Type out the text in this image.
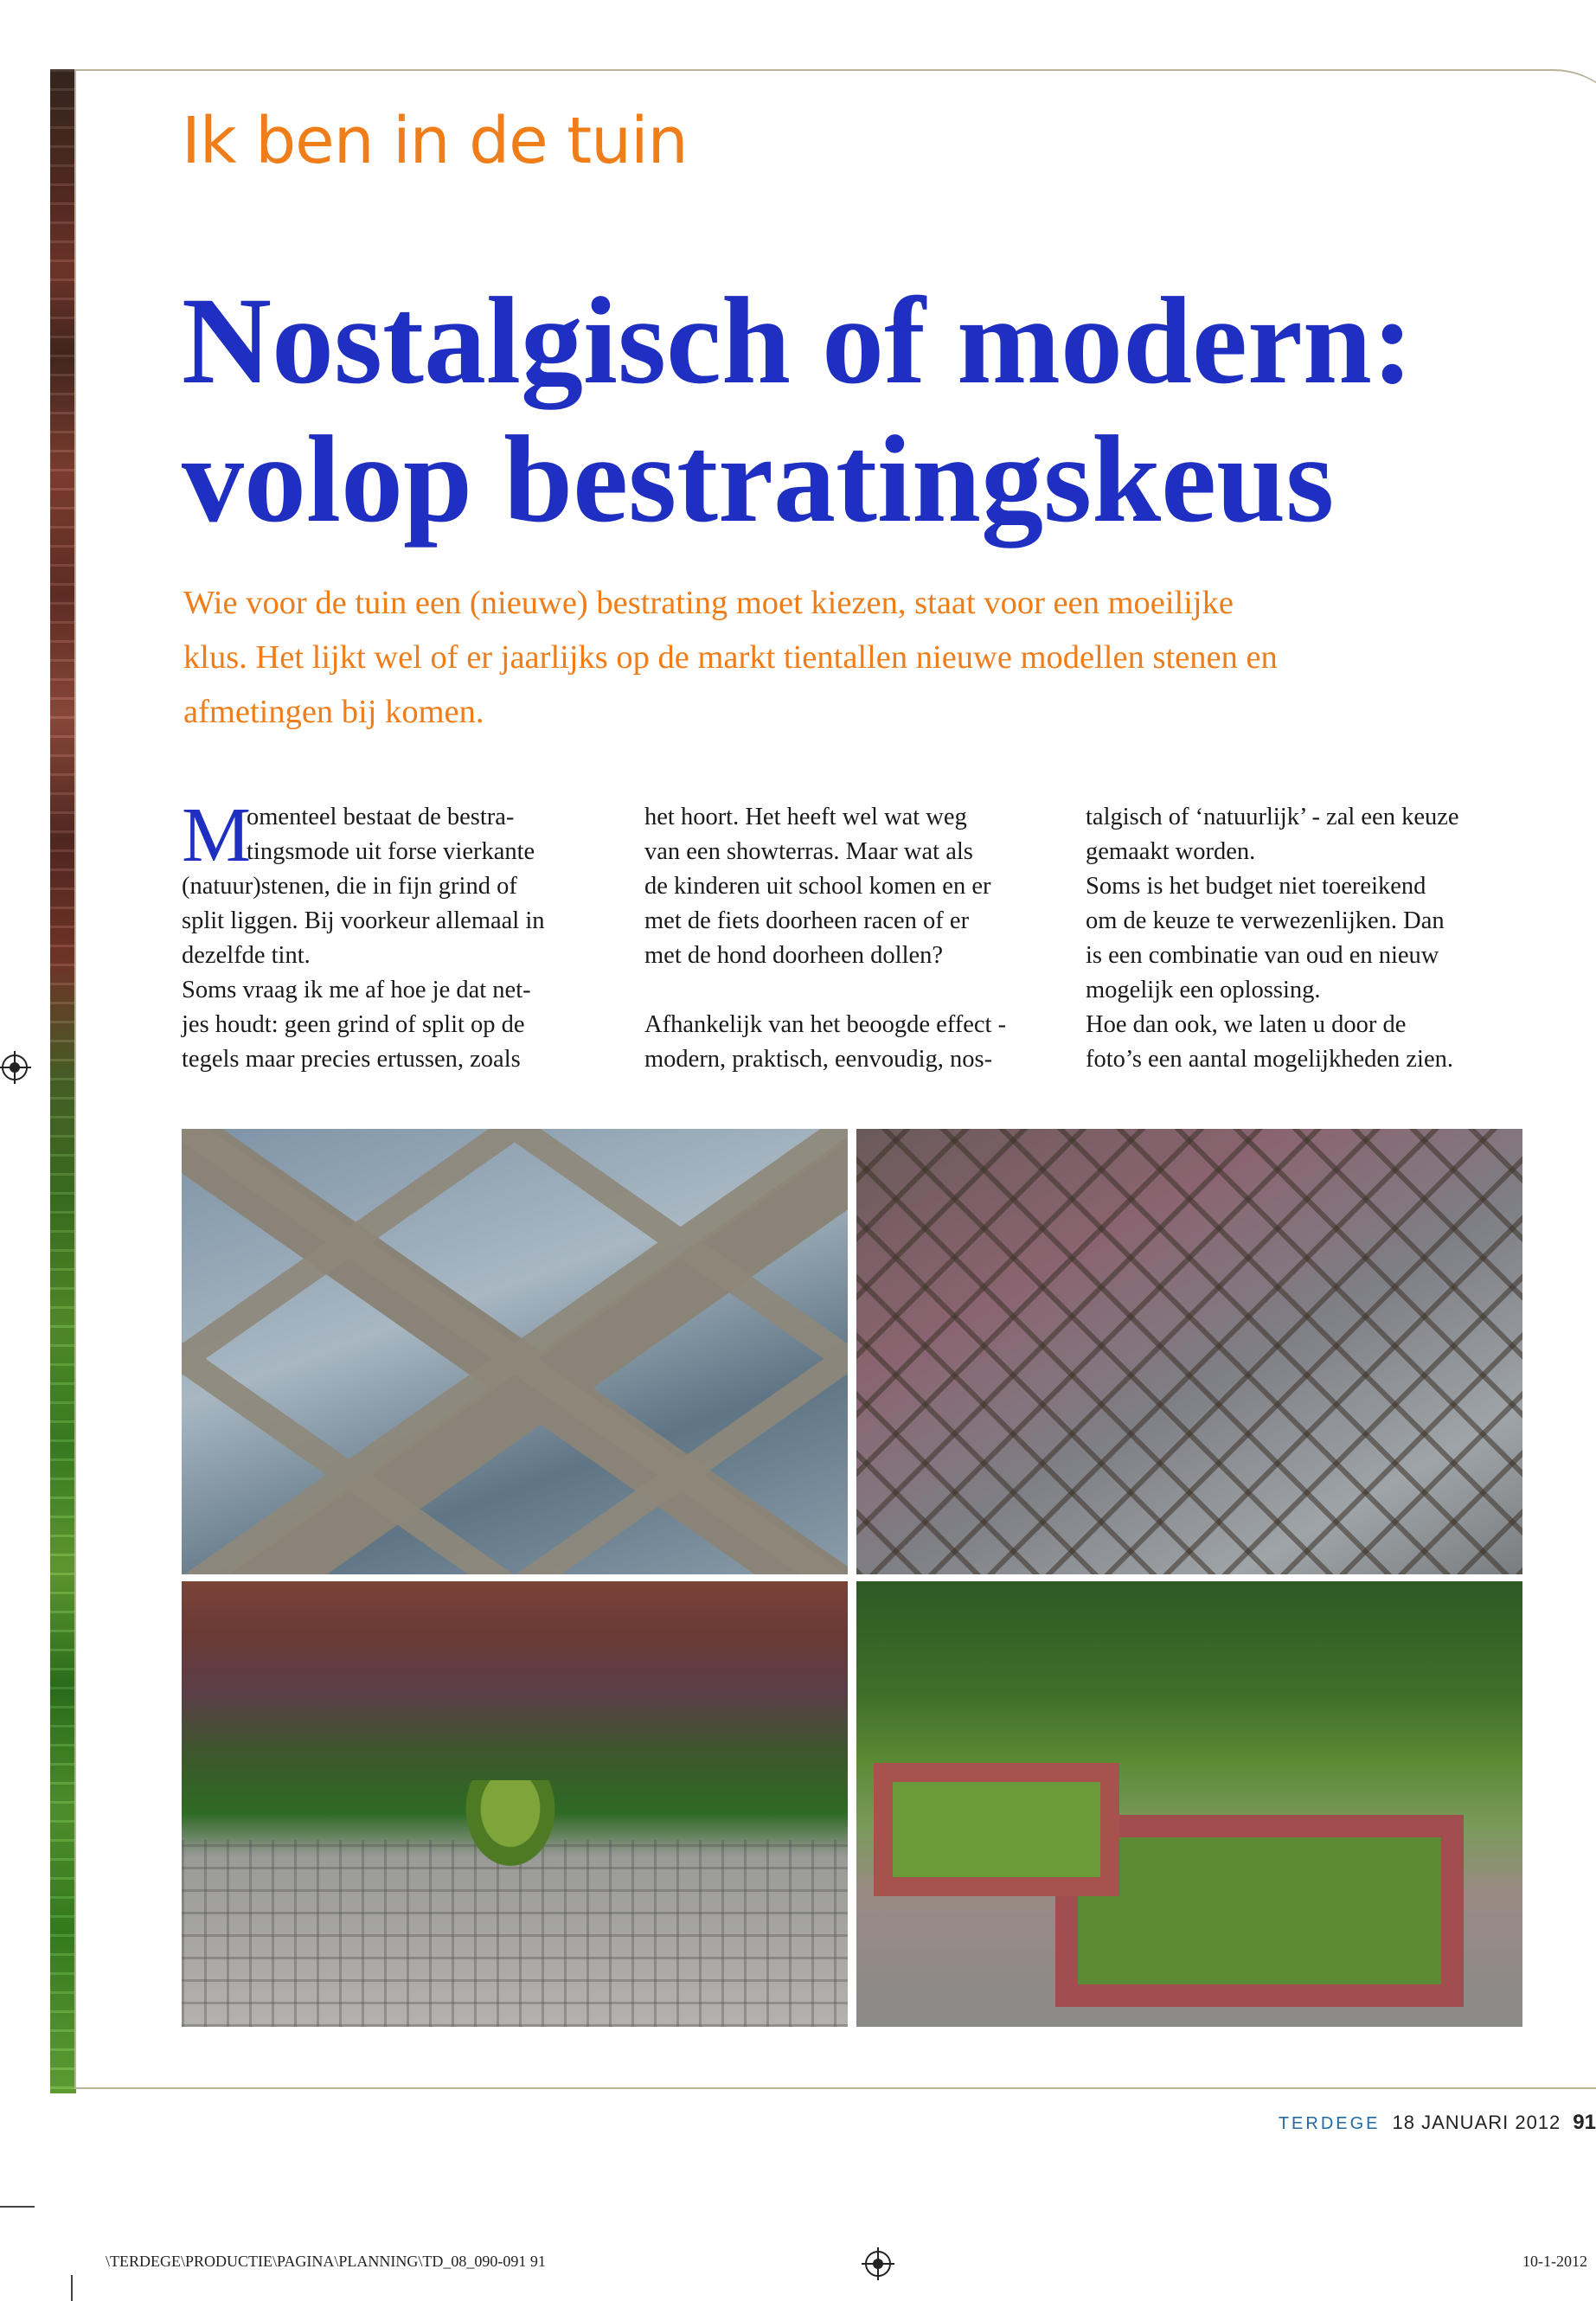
Ik ben in de tuin
Nostalgisch of modern:
volop bestratingskeus

Wie voor de tuin een (nieuwe) bestrating moet kiezen, staat voor een moeilijke
klus. Het lijkt wel of er jaarlijks op de markt tientallen nieuwe modellen stenen en
afmetingen bij komen.

M
omenteel bestaat de bestra-
tingsmode uit forse vierkante
(natuur)stenen, die in fijn grind of
split liggen. Bij voorkeur allemaal in
dezelfde tint.
Soms vraag ik me af hoe je dat net-
jes houdt: geen grind of split op de
tegels maar precies ertussen, zoals
het hoort. Het heeft wel wat weg
van een showterras. Maar wat als
de kinderen uit school komen en er
met de fiets doorheen racen of er
met de hond doorheen dollen?

Afhankelijk van het beoogde effect -
modern, praktisch, eenvoudig, nos-
talgisch of ‘natuurlijk’ - zal een keuze
gemaakt worden.
Soms is het budget niet toereikend
om de keuze te verwezenlijken. Dan
is een combinatie van oud en nieuw
mogelijk een oplossing.
Hoe dan ook, we laten u door de
foto’s een aantal mogelijkheden zien.
TERDEGE 18 JANUARI 2012 91
\TERDEGE\PRODUCTIE\PAGINA\PLANNING\TD_08_090-091 91	10-1-2012
